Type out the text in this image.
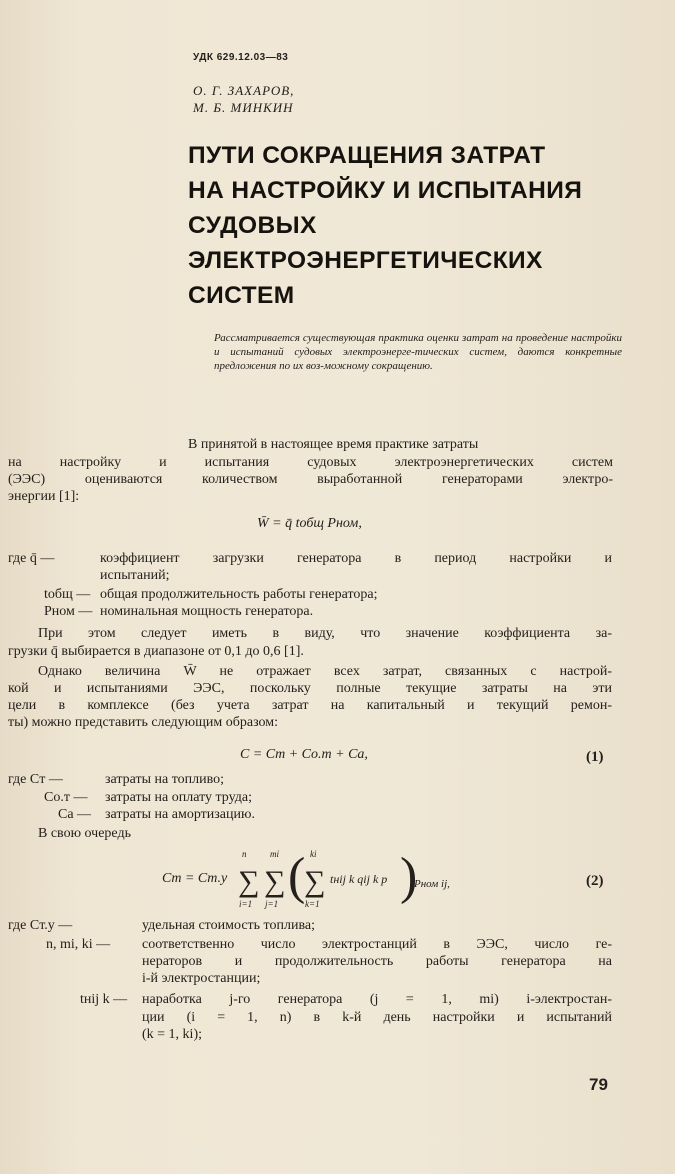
УДК 629.12.03—83
О. Г. ЗАХАРОВ,
М. Б. МИНКИН
ПУТИ СОКРАЩЕНИЯ ЗАТРАТ
НА НАСТРОЙКУ И ИСПЫТАНИЯ
СУДОВЫХ
ЭЛЕКТРОЭНЕРГЕТИЧЕСКИХ
СИСТЕМ
Рассматривается существующая практика оценки затрат на проведение настройки и испытаний судовых электроэнерге-тических систем, даются конкретные предложения по их воз-можному сокращению.
В принятой в настоящее время практике затраты
на настройку и испытания судовых электроэнергетических систем
(ЭЭС) оцениваются количеством выработанной генераторами электро-
энергии [1]:
W̄ = q̄ tобщ Pном,
где q̄ —	коэффициент загрузки генератора в период настройки и
испытаний;
tобщ — общая продолжительность работы генератора;
Pном — номинальная мощность генератора.
При этом следует иметь в виду, что значение коэффициента за-
грузки q̄ выбирается в диапазоне от 0,1 до 0,6 [1].
Однако величина W̄ не отражает всех затрат, связанных с настрой-
кой и испытаниями ЭЭС, поскольку полные текущие затраты на эти
цели в комплексе (без учета затрат на капитальный и текущий ремон-
ты) можно представить следующим образом:
C = Cт + Cо.т + Cа,	(1)
где Cт —	затраты на топливо;
Cо.т — затраты на оплату труда;
Cа — затраты на амортизацию.
В свою очередь
Cт = Cт.у
n
∑
i=1
mi
∑
j=1 ( ki
∑
k=1
tнij k qij k p )
Pном ij,	(2)
где Cт.у —	удельная стоимость топлива;
n, mi, ki — соответственно число электростанций в ЭЭС, число ге-
нераторов и продолжительность работы генератора на
i-й электростанции;
tнij k — наработка j-го генератора (j = 1, mi) i-электростан-
ции (i = 1, n) в k-й день настройки и испытаний
(k = 1, ki);
79
